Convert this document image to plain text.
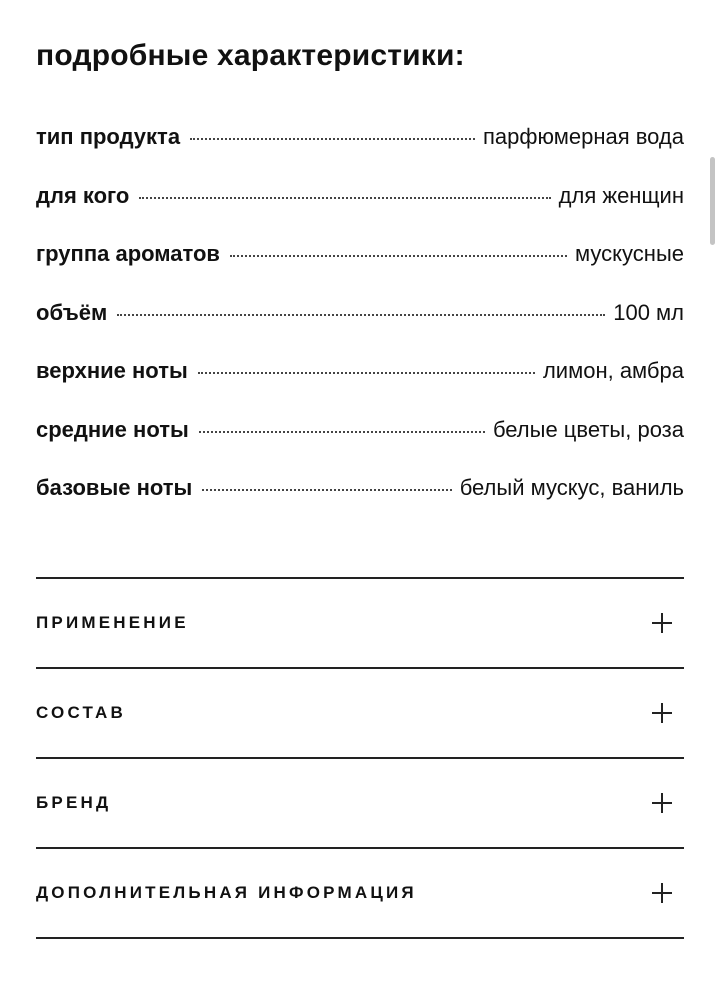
подробные характеристики:
тип продукта	парфюмерная вода
для кого	для женщин
группа ароматов	мускусные
объём	100 мл
верхние ноты	лимон, амбра
средние ноты	белые цветы, роза
базовые ноты	белый мускус, ваниль
ПРИМЕНЕНИЕ
СОСТАВ
БРЕНД
ДОПОЛНИТЕЛЬНАЯ ИНФОРМАЦИЯ
